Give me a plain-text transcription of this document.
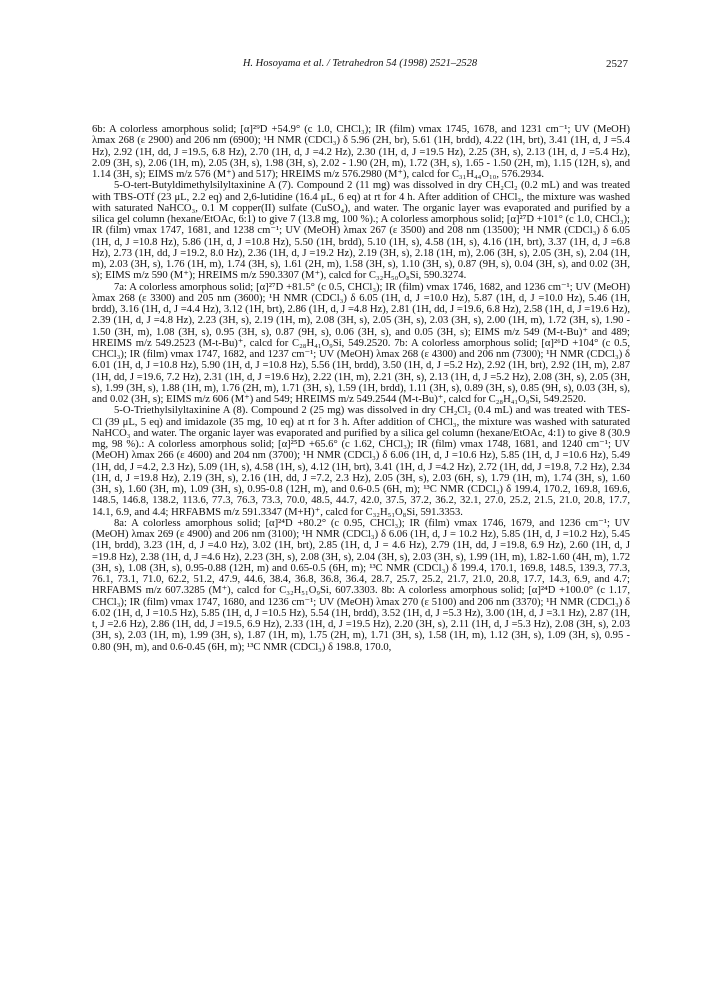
H. Hosoyama et al. / Tetrahedron 54 (1998) 2521–2528	2527

6b: A colorless amorphous solid; [α]²⁹D +54.9° (c 1.0, CHCl₃); IR (film) νmax 1745, 1678, and 1231 cm⁻¹; UV (MeOH) λmax 268 (ε 2900) and 206 nm (6900); ¹H NMR (CDCl₃) δ 5.96 (2H, br), 5.61 (1H, brdd), 4.22 (1H, brt), 3.41 (1H, d, J =5.4 Hz), 2.92 (1H, dd, J =19.5, 6.8 Hz), 2.70 (1H, d, J =4.2 Hz), 2.30 (1H, d, J =19.5 Hz), 2.25 (3H, s), 2.13 (1H, d, J =5.4 Hz), 2.09 (3H, s), 2.06 (1H, m), 2.05 (3H, s), 1.98 (3H, s), 2.02 - 1.90 (2H, m), 1.72 (3H, s), 1.65 - 1.50 (2H, m), 1.15 (12H, s), and 1.14 (3H, s); EIMS m/z 576 (M⁺) and 517); HREIMS m/z 576.2980 (M⁺), calcd for C₃₁H₄₄O₁₀, 576.2934.

5-O-tert-Butyldimethylsilyltaxinine A (7). Compound 2 (11 mg) was dissolved in dry CH₂Cl₂ (0.2 mL) and was treated with TBS-OTf (23 μL, 2.2 eq) and 2,6-lutidine (16.4 μL, 6 eq) at rt for 4 h. After addition of CHCl₃, the mixture was washed with saturated NaHCO₃, 0.1 M copper(II) sulfate (CuSO₄), and water. The organic layer was evaporated and purified by a silica gel column (hexane/EtOAc, 6:1) to give 7 (13.8 mg, 100 %).; A colorless amorphous solid; [α]²⁷D +101° (c 1.0, CHCl₃); IR (film) νmax 1747, 1681, and 1238 cm⁻¹; UV (MeOH) λmax 267 (ε 3500) and 208 nm (13500); ¹H NMR (CDCl₃) δ 6.05 (1H, d, J =10.8 Hz), 5.86 (1H, d, J =10.8 Hz), 5.50 (1H, brdd), 5.10 (1H, s), 4.58 (1H, s), 4.16 (1H, brt), 3.37 (1H, d, J =6.8 Hz), 2.73 (1H, dd, J =19.2, 8.0 Hz), 2.36 (1H, d, J =19.2 Hz), 2.19 (3H, s), 2.18 (1H, m), 2.06 (3H, s), 2.05 (3H, s), 2.04 (1H, m), 2.03 (3H, s), 1.76 (1H, m), 1.74 (3H, s), 1.61 (2H, m), 1.58 (3H, s), 1.10 (3H, s), 0.87 (9H, s), 0.04 (3H, s), and 0.02 (3H, s); EIMS m/z 590 (M⁺); HREIMS m/z 590.3307 (M⁺), calcd for C₃₂H₅₀O₈Si, 590.3274.

7a: A colorless amorphous solid; [α]²⁷D +81.5° (c 0.5, CHCl₃); IR (film) νmax 1746, 1682, and 1236 cm⁻¹; UV (MeOH) λmax 268 (ε 3300) and 205 nm (3600); ¹H NMR (CDCl₃) δ 6.05 (1H, d, J =10.0 Hz), 5.87 (1H, d, J =10.0 Hz), 5.46 (1H, brdd), 3.16 (1H, d, J =4.4 Hz), 3.12 (1H, brt), 2.86 (1H, d, J =4.8 Hz), 2.81 (1H, dd, J =19.6, 6.8 Hz), 2.58 (1H, d, J =19.6 Hz), 2.39 (1H, d, J =4.8 Hz), 2.23 (3H, s), 2.19 (1H, m), 2.08 (3H, s), 2.05 (3H, s), 2.03 (3H, s), 2.00 (1H, m), 1.72 (3H, s), 1.90 - 1.50 (3H, m), 1.08 (3H, s), 0.95 (3H, s), 0.87 (9H, s), 0.06 (3H, s), and 0.05 (3H, s); EIMS m/z 549 (M-t-Bu)⁺ and 489; HREIMS m/z 549.2523 (M-t-Bu)⁺, calcd for C₂₈H₄₁O₉Si, 549.2520. 7b: A colorless amorphous solid; [α]²⁶D +104° (c 0.5, CHCl₃); IR (film) νmax 1747, 1682, and 1237 cm⁻¹; UV (MeOH) λmax 268 (ε 4300) and 206 nm (7300); ¹H NMR (CDCl₃) δ 6.01 (1H, d, J =10.8 Hz), 5.90 (1H, d, J =10.8 Hz), 5.56 (1H, brdd), 3.50 (1H, d, J =5.2 Hz), 2.92 (1H, brt), 2.92 (1H, m), 2.87 (1H, dd, J =19.6, 7.2 Hz), 2.31 (1H, d, J =19.6 Hz), 2.22 (1H, m), 2.21 (3H, s), 2.13 (1H, d, J =5.2 Hz), 2.08 (3H, s), 2.05 (3H, s), 1.99 (3H, s), 1.88 (1H, m), 1.76 (2H, m), 1.71 (3H, s), 1.59 (1H, brdd), 1.11 (3H, s), 0.89 (3H, s), 0.85 (9H, s), 0.03 (3H, s), and 0.02 (3H, s); EIMS m/z 606 (M⁺) and 549; HREIMS m/z 549.2544 (M-t-Bu)⁺, calcd for C₂₈H₄₁O₉Si, 549.2520.

5-O-Triethylsilyltaxinine A (8). Compound 2 (25 mg) was dissolved in dry CH₂Cl₂ (0.4 mL) and was treated with TES-Cl (39 μL, 5 eq) and imidazole (35 mg, 10 eq) at rt for 3 h. After addition of CHCl₃, the mixture was washed with saturated NaHCO₃ and water. The organic layer was evaporated and purified by a silica gel column (hexane/EtOAc, 4:1) to give 8 (30.9 mg, 98 %).: A colorless amorphous solid; [α]²⁵D +65.6° (c 1.62, CHCl₃); IR (film) νmax 1748, 1681, and 1240 cm⁻¹; UV (MeOH) λmax 266 (ε 4600) and 204 nm (3700); ¹H NMR (CDCl₃) δ 6.06 (1H, d, J =10.6 Hz), 5.85 (1H, d, J =10.6 Hz), 5.49 (1H, dd, J =4.2, 2.3 Hz), 5.09 (1H, s), 4.58 (1H, s), 4.12 (1H, brt), 3.41 (1H, d, J =4.2 Hz), 2.72 (1H, dd, J =19.8, 7.2 Hz), 2.34 (1H, d, J =19.8 Hz), 2.19 (3H, s), 2.16 (1H, dd, J =7.2, 2.3 Hz), 2.05 (3H, s), 2.03 (6H, s), 1.79 (1H, m), 1.74 (3H, s), 1.60 (3H, s), 1.60 (3H, m), 1.09 (3H, s), 0.95-0.8 (12H, m), and 0.6-0.5 (6H, m); ¹³C NMR (CDCl₃) δ 199.4, 170.2, 169.8, 169.6, 148.5, 146.8, 138.2, 113.6, 77.3, 76.3, 73.3, 70.0, 48.5, 44.7, 42.0, 37.5, 37.2, 36.2, 32.1, 27.0, 25.2, 21.5, 21.0, 20.8, 17.7, 14.1, 6.9, and 4.4; HRFABMS m/z 591.3347 (M+H)⁺, calcd for C₃₂H₅₁O₈Si, 591.3353.

8a: A colorless amorphous solid; [α]²⁴D +80.2° (c 0.95, CHCl₃); IR (film) νmax 1746, 1679, and 1236 cm⁻¹; UV (MeOH) λmax 269 (ε 4900) and 206 nm (3100); ¹H NMR (CDCl₃) δ 6.06 (1H, d, J = 10.2 Hz), 5.85 (1H, d, J =10.2 Hz), 5.45 (1H, brdd), 3.23 (1H, d, J =4.0 Hz), 3.02 (1H, brt), 2.85 (1H, d, J = 4.6 Hz), 2.79 (1H, dd, J =19.8, 6.9 Hz), 2.60 (1H, d, J =19.8 Hz), 2.38 (1H, d, J =4.6 Hz), 2.23 (3H, s), 2.08 (3H, s), 2.04 (3H, s), 2.03 (3H, s), 1.99 (1H, m), 1.82-1.60 (4H, m), 1.72 (3H, s), 1.08 (3H, s), 0.95-0.88 (12H, m) and 0.65-0.5 (6H, m); ¹³C NMR (CDCl₃) δ 199.4, 170.1, 169.8, 148.5, 139.3, 77.3, 76.1, 73.1, 71.0, 62.2, 51.2, 47.9, 44.6, 38.4, 36.8, 36.8, 36.4, 28.7, 25.7, 25.2, 21.7, 21.0, 20.8, 17.7, 14.3, 6.9, and 4.7; HRFABMS m/z 607.3285 (M⁺), calcd for C₃₂H₅₁O₉Si, 607.3303. 8b: A colorless amorphous solid; [α]²⁴D +100.0° (c 1.17, CHCl₃); IR (film) νmax 1747, 1680, and 1236 cm⁻¹; UV (MeOH) λmax 270 (ε 5100) and 206 nm (3370); ¹H NMR (CDCl₃) δ 6.02 (1H, d, J =10.5 Hz), 5.85 (1H, d, J =10.5 Hz), 5.54 (1H, brdd), 3.52 (1H, d, J =5.3 Hz), 3.00 (1H, d, J =3.1 Hz), 2.87 (1H, t, J =2.6 Hz), 2.86 (1H, dd, J =19.5, 6.9 Hz), 2.33 (1H, d, J =19.5 Hz), 2.20 (3H, s), 2.11 (1H, d, J =5.3 Hz), 2.08 (3H, s), 2.03 (3H, s), 2.03 (1H, m), 1.99 (3H, s), 1.87 (1H, m), 1.75 (2H, m), 1.71 (3H, s), 1.58 (1H, m), 1.12 (3H, s), 1.09 (3H, s), 0.95 - 0.80 (9H, m), and 0.6-0.45 (6H, m); ¹³C NMR (CDCl₃) δ 198.8, 170.0,
